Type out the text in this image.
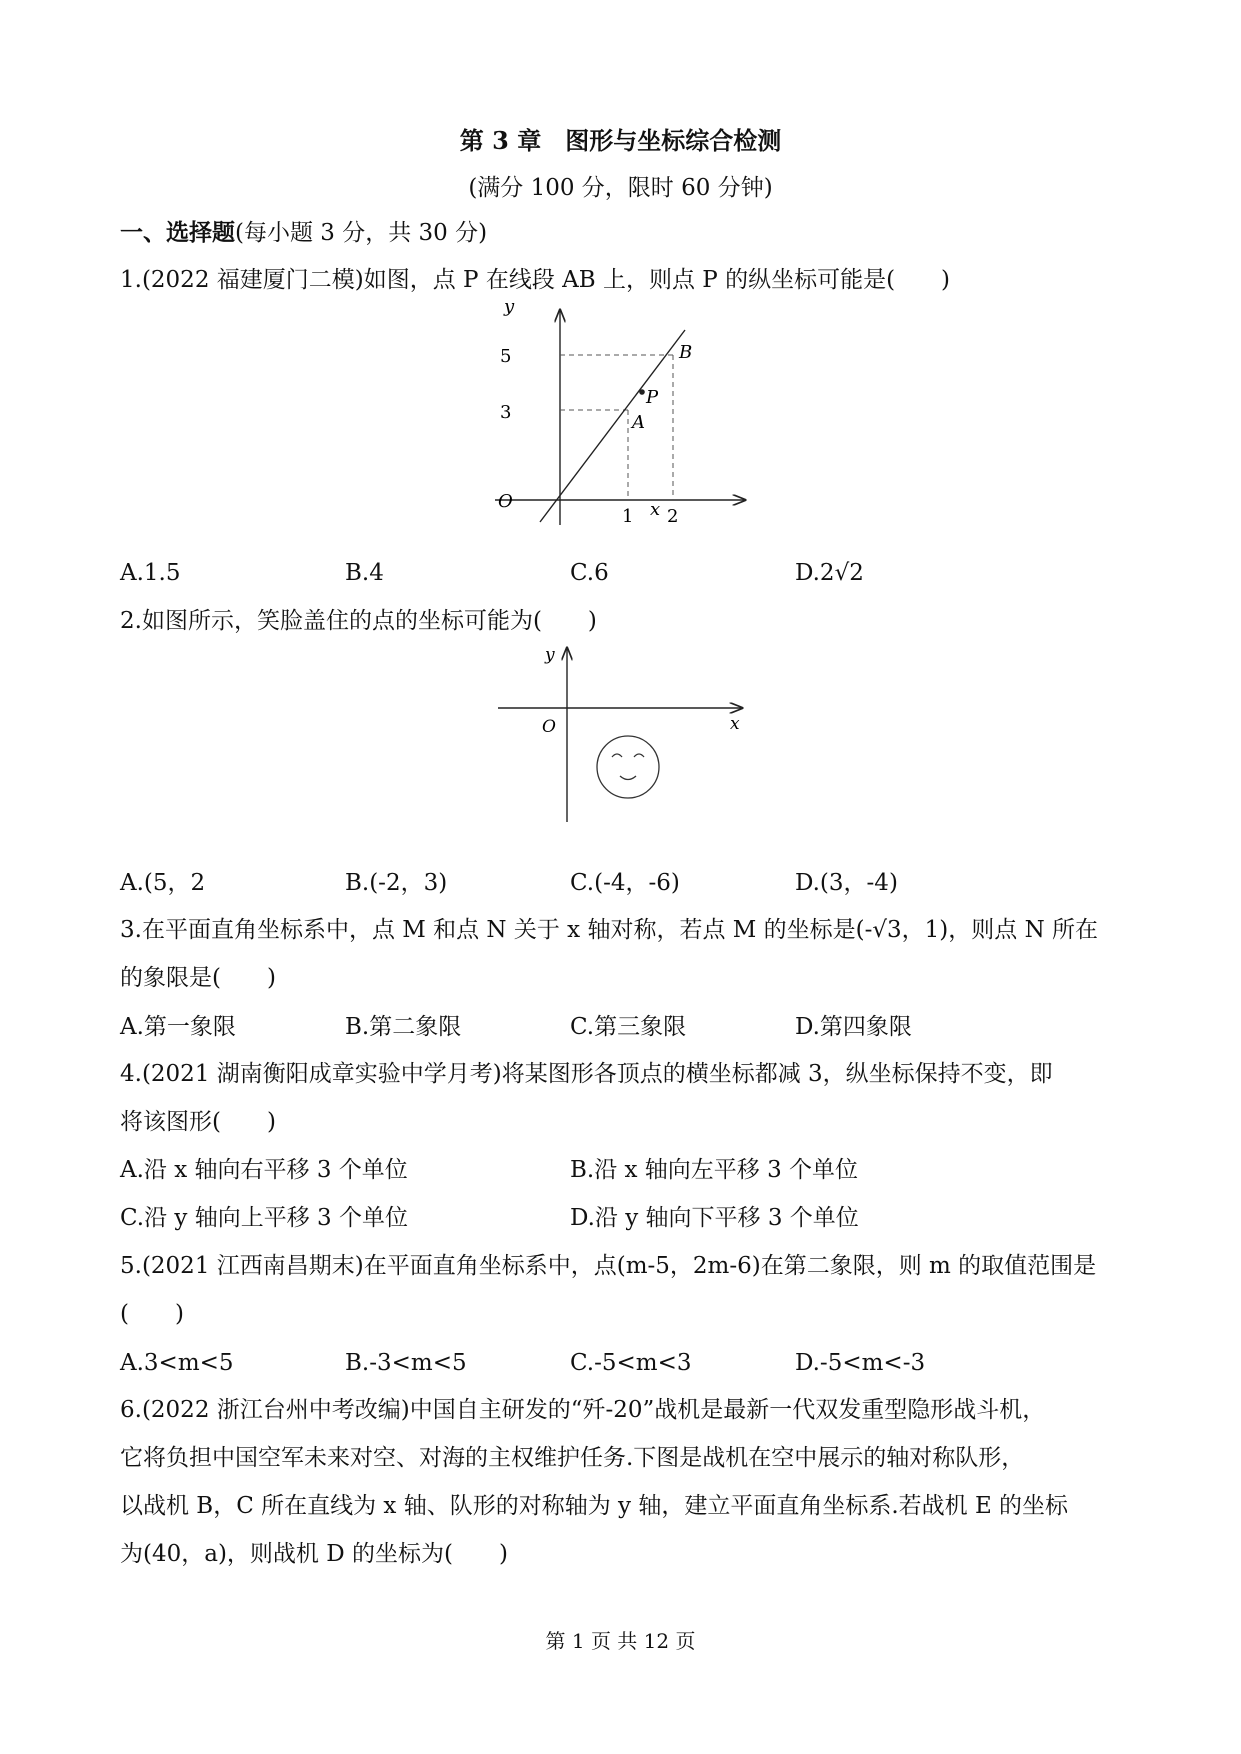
第 3 章　图形与坐标综合检测
(满分 100 分，限时 60 分钟)
一、选择题(每小题 3 分，共 30 分)
1.(2022 福建厦门二模)如图，点 P 在线段 AB 上，则点 P 的纵坐标可能是(　　)
y
x
O
5
3
1 2
A
B
P
A.1.5	B.4	C.6	D.2√2
2.如图所示，笑脸盖住的点的坐标可能为(　　)
y
x
O
A.(5，2	B.(-2，3)	C.(-4，-6)	D.(3，-4)
3.在平面直角坐标系中，点 M 和点 N 关于 x 轴对称，若点 M 的坐标是(-√3，1)，则点 N 所在
的象限是(　　)
A.第一象限	B.第二象限	C.第三象限	D.第四象限
4.(2021 湖南衡阳成章实验中学月考)将某图形各顶点的横坐标都减 3，纵坐标保持不变，即
将该图形(　　)
A.沿 x 轴向右平移 3 个单位	B.沿 x 轴向左平移 3 个单位
C.沿 y 轴向上平移 3 个单位	D.沿 y 轴向下平移 3 个单位
5.(2021 江西南昌期末)在平面直角坐标系中，点(m-5，2m-6)在第二象限，则 m 的取值范围是
(　　)
A.3<m<5	B.-3<m<5	C.-5<m<3	D.-5<m<-3
6.(2022 浙江台州中考改编)中国自主研发的“歼-20”战机是最新一代双发重型隐形战斗机，
它将负担中国空军未来对空、对海的主权维护任务.下图是战机在空中展示的轴对称队形，
以战机 B，C 所在直线为 x 轴、队形的对称轴为 y 轴，建立平面直角坐标系.若战机 E 的坐标
为(40，a)，则战机 D 的坐标为(　　)
第 1 页 共 12 页
